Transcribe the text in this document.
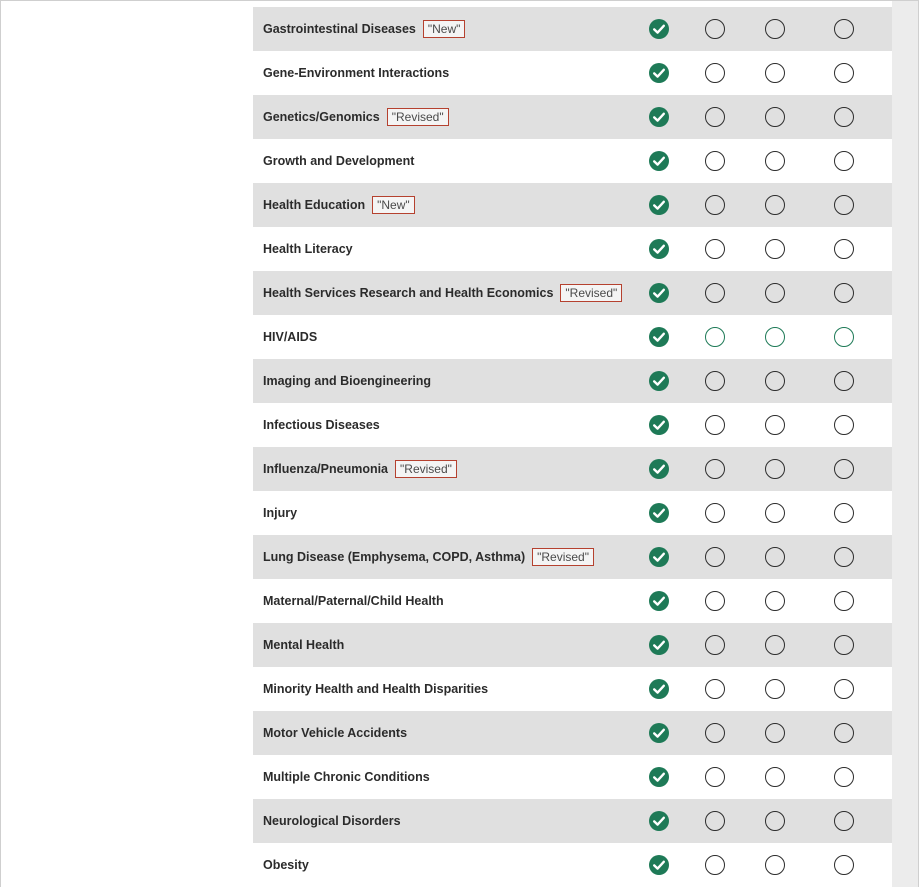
Gastrointestinal Diseases	"New"
Gene-Environment Interactions
Genetics/Genomics	"Revised"
Growth and Development
Health Education	"New"
Health Literacy
Health Services Research and Health Economics	"Revised"
HIV/AIDS
Imaging and Bioengineering
Infectious Diseases
Influenza/Pneumonia	"Revised"
Injury
Lung Disease (Emphysema, COPD, Asthma)	"Revised"
Maternal/Paternal/Child Health
Mental Health
Minority Health and Health Disparities
Motor Vehicle Accidents
Multiple Chronic Conditions
Neurological Disorders
Obesity
